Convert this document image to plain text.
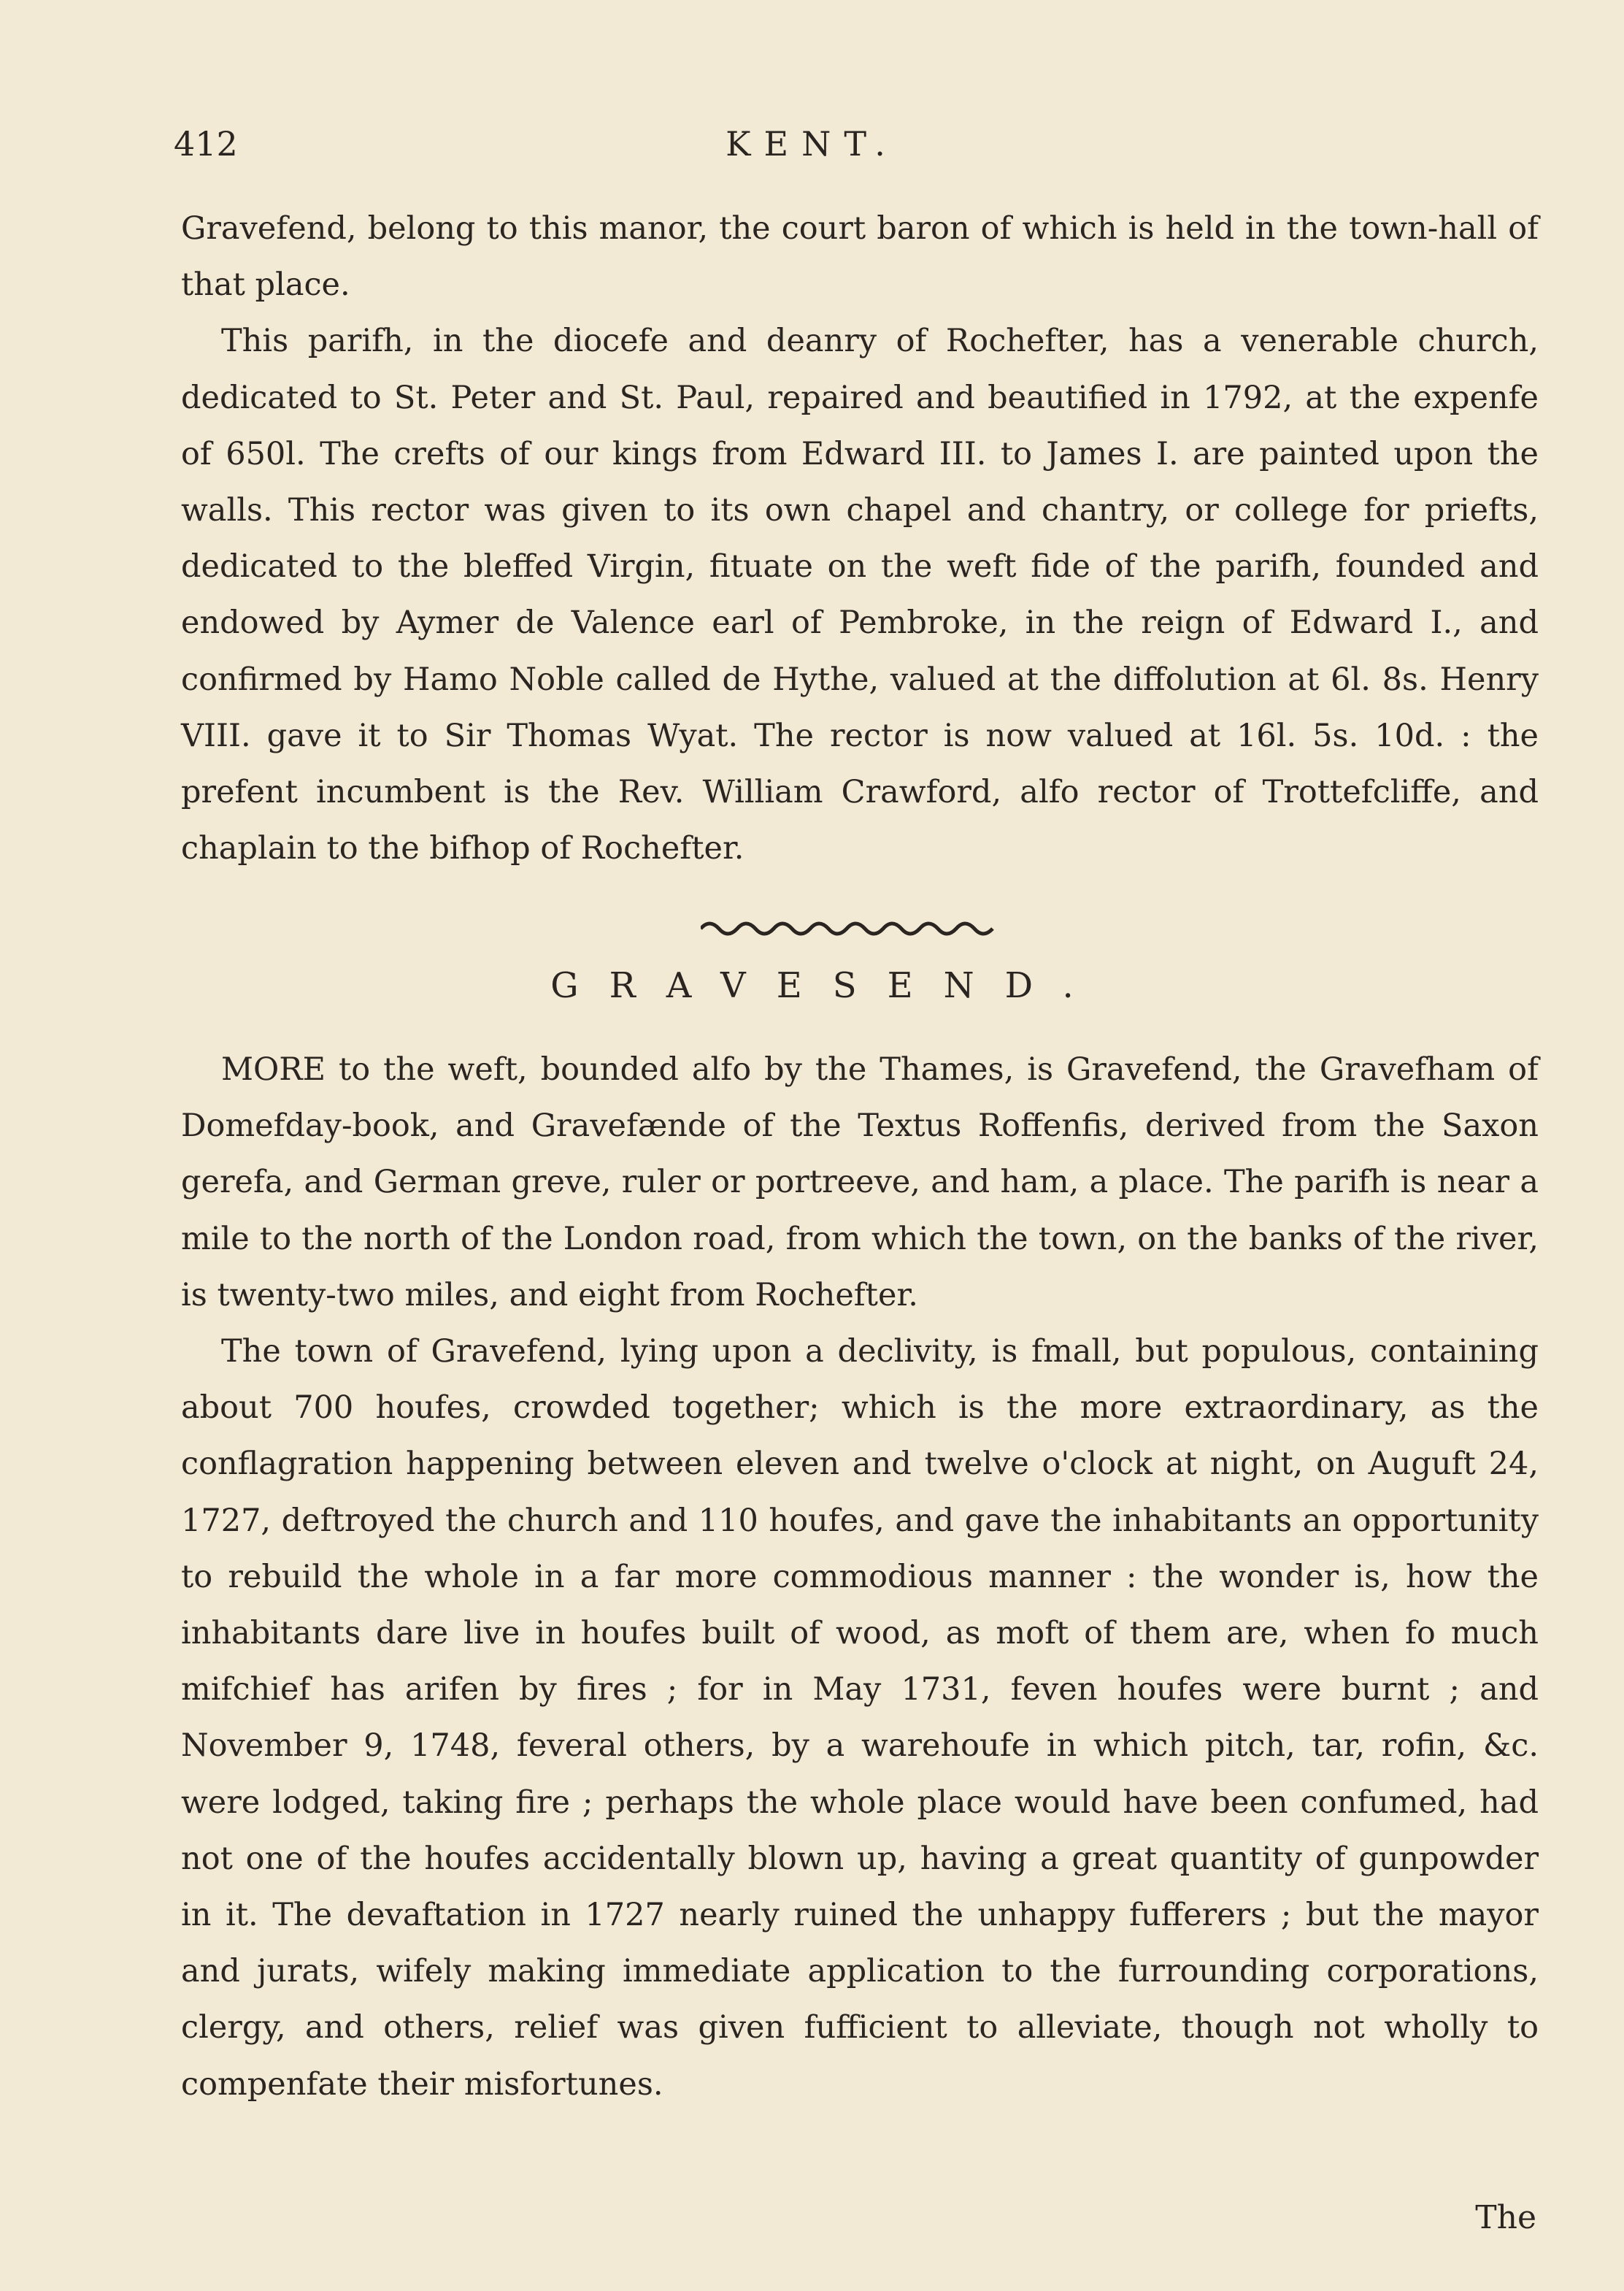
412	KENT.

Gravefend, belong to this manor, the court baron of which is held in the town-hall of that place.

This parifh, in the diocefe and deanry of Rochefter, has a venerable church, dedicated to St. Peter and St. Paul, repaired and beautified in 1792, at the expenfe of 650l. The crefts of our kings from Edward III. to James I. are painted upon the walls. This rector was given to its own chapel and chantry, or college for priefts, dedicated to the bleffed Virgin, fituate on the weft fide of the parifh, founded and endowed by Aymer de Valence earl of Pembroke, in the reign of Edward I., and confirmed by Hamo Noble called de Hythe, valued at the diffolution at 6l. 8s. Henry VIII. gave it to Sir Thomas Wyat. The rector is now valued at 16l. 5s. 10d. : the prefent incumbent is the Rev. William Crawford, alfo rector of Trottefcliffe, and chaplain to the bifhop of Rochefter.

GRAVESEND.

MORE to the weft, bounded alfo by the Thames, is Gravefend, the Gravefham of Domefday-book, and Gravefænde of the Textus Roffenfis, derived from the Saxon gerefa, and German greve, ruler or portreeve, and ham, a place. The parifh is near a mile to the north of the London road, from which the town, on the banks of the river, is twenty-two miles, and eight from Rochefter.

The town of Gravefend, lying upon a declivity, is fmall, but populous, containing about 700 houfes, crowded together; which is the more extraordinary, as the conflagration happening between eleven and twelve o'clock at night, on Auguft 24, 1727, deftroyed the church and 110 houfes, and gave the inhabitants an opportunity to rebuild the whole in a far more commodious manner : the wonder is, how the inhabitants dare live in houfes built of wood, as moft of them are, when fo much mifchief has arifen by fires ; for in May 1731, feven houfes were burnt ; and November 9, 1748, feveral others, by a warehoufe in which pitch, tar, rofin, &c. were lodged, taking fire ; perhaps the whole place would have been confumed, had not one of the houfes accidentally blown up, having a great quantity of gunpowder in it. The devaftation in 1727 nearly ruined the unhappy fufferers ; but the mayor and jurats, wifely making immediate application to the furrounding corporations, clergy, and others, relief was given fufficient to alleviate, though not wholly to compenfate their misfortunes.

The
